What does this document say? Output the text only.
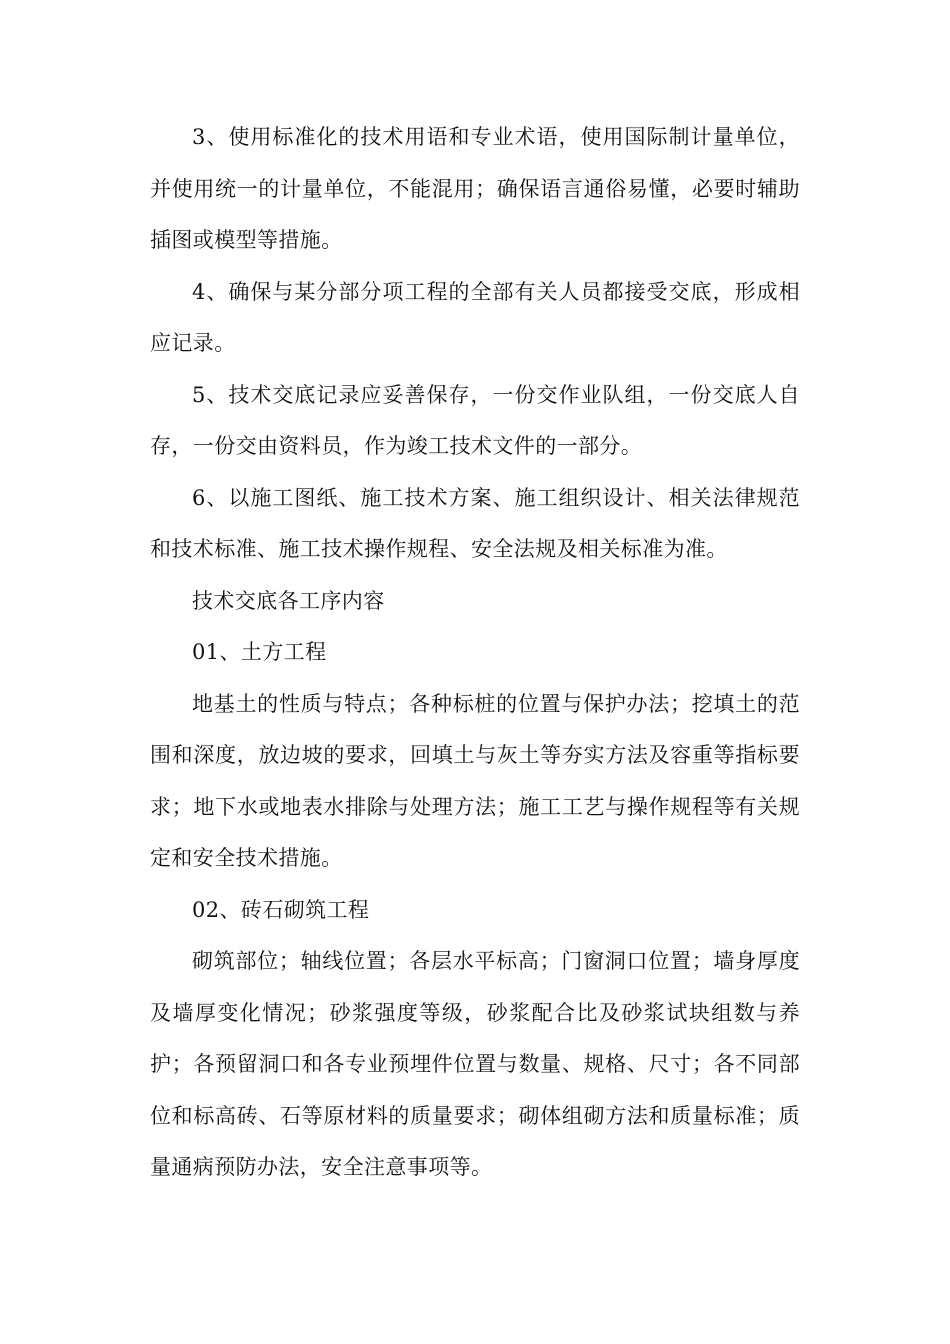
3、使用标准化的技术用语和专业术语，使用国际制计量单位，并使用统一的计量单位，不能混用；确保语言通俗易懂，必要时辅助插图或模型等措施。

4、确保与某分部分项工程的全部有关人员都接受交底，形成相应记录。

5、技术交底记录应妥善保存，一份交作业队组，一份交底人自存，一份交由资料员，作为竣工技术文件的一部分。

6、以施工图纸、施工技术方案、施工组织设计、相关法律规范和技术标准、施工技术操作规程、安全法规及相关标准为准。

技术交底各工序内容

01、土方工程

地基土的性质与特点；各种标桩的位置与保护办法；挖填土的范围和深度，放边坡的要求，回填土与灰土等夯实方法及容重等指标要求；地下水或地表水排除与处理方法；施工工艺与操作规程等有关规定和安全技术措施。

02、砖石砌筑工程

砌筑部位；轴线位置；各层水平标高；门窗洞口位置；墙身厚度及墙厚变化情况；砂浆强度等级，砂浆配合比及砂浆试块组数与养护；各预留洞口和各专业预埋件位置与数量、规格、尺寸；各不同部位和标高砖、石等原材料的质量要求；砌体组砌方法和质量标准；质量通病预防办法，安全注意事项等。
